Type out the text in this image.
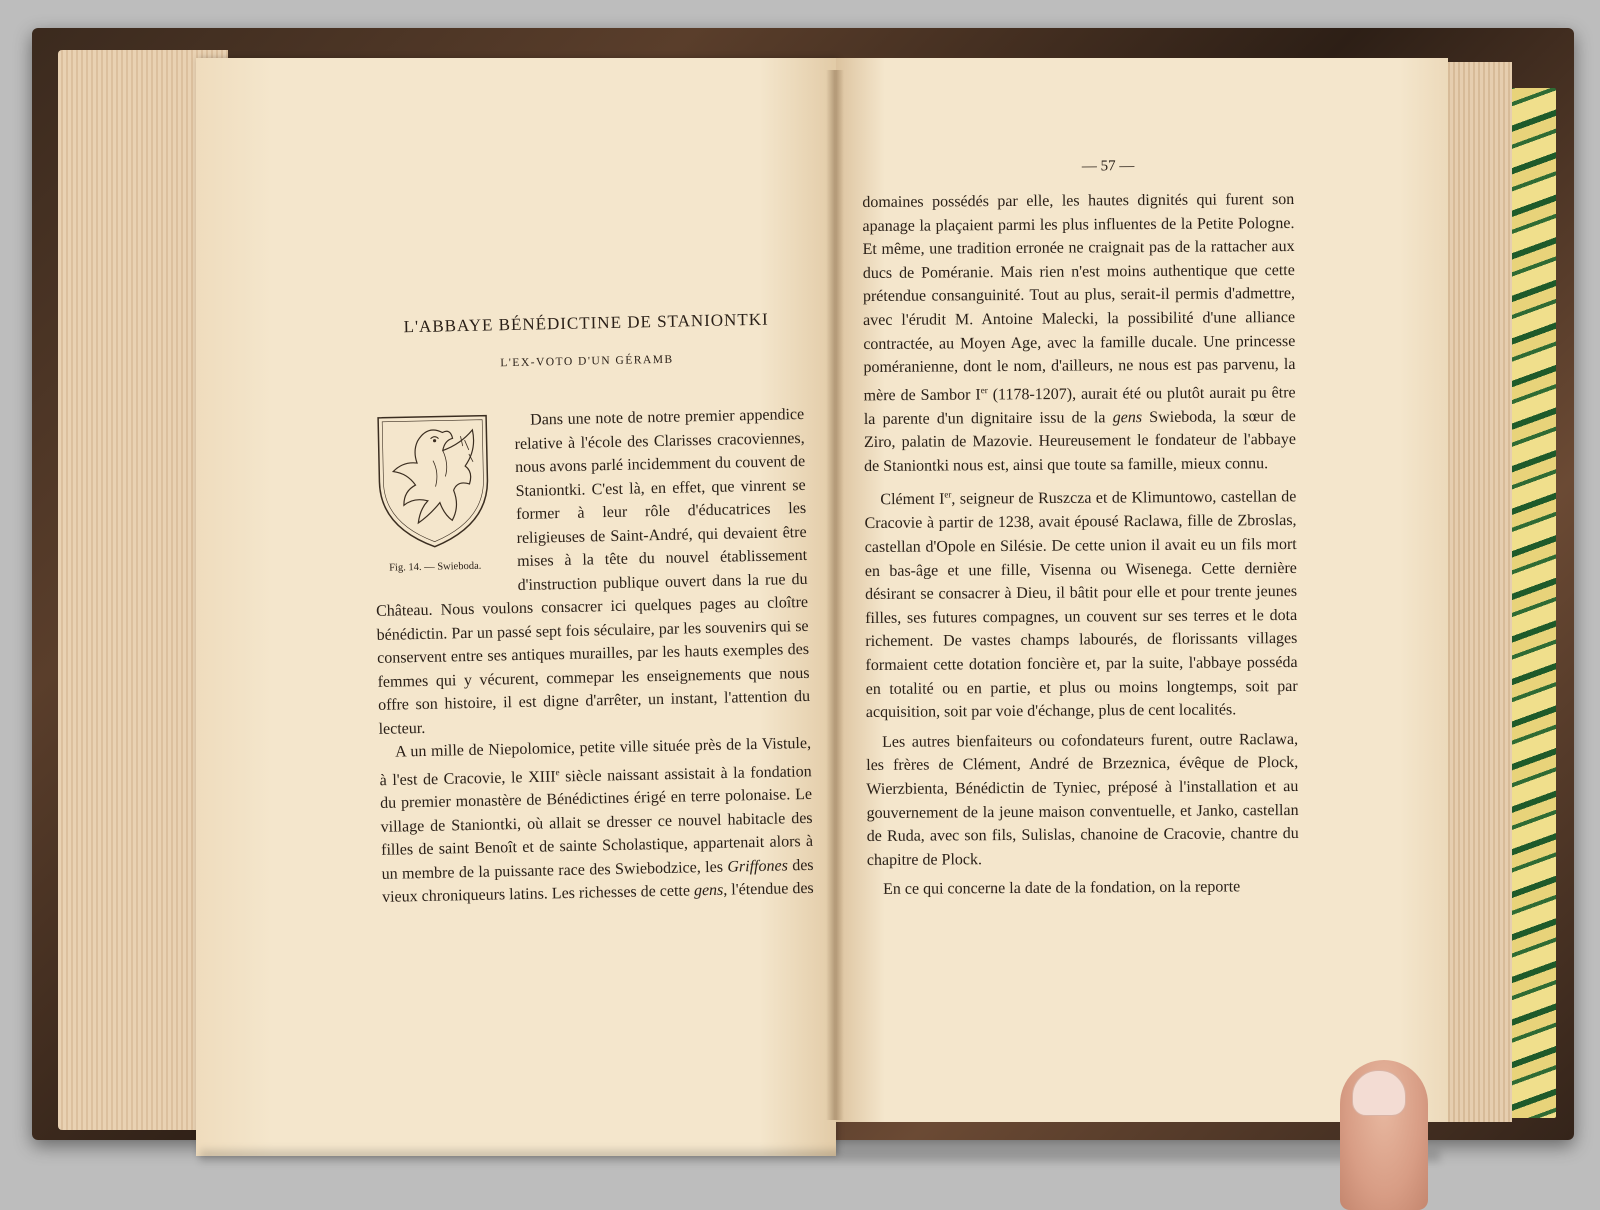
L'ABBAYE BÉNÉDICTINE DE STANIONTKI
L'EX-VOTO D'UN GÉRAMB
Fig. 14. — Swieboda.

Dans une note de notre premier appendice relative à l'école des Clarisses cracoviennes, nous avons parlé incidemment du couvent de Staniontki. C'est là, en effet, que vinrent se former à leur rôle d'éducatrices les religieuses de Saint-André, qui devaient être mises à la tête du nouvel établissement d'instruction publique ouvert dans la rue du Château. Nous voulons consacrer ici quelques pages au cloître bénédictin. Par un passé sept fois séculaire, par les souvenirs qui se conservent entre ses antiques murailles, par les hauts exemples des femmes qui y vécurent, commepar les enseignements que nous offre son histoire, il est digne d'arrêter, un instant, l'attention du lecteur.

A un mille de Niepolomice, petite ville située près de la Vistule, à l'est de Cracovie, le XIIIe siècle naissant assistait à la fondation du premier monastère de Bénédictines érigé en terre polonaise. Le village de Staniontki, où allait se dresser ce nouvel habitacle des filles de saint Benoît et de sainte Scholastique, appartenait alors à un membre de la puissante race des Swiebodzice, les Griffones des vieux chroniqueurs latins. Les richesses de cette gens, l'étendue des

— 57 —

domaines possédés par elle, les hautes dignités qui furent son apanage la plaçaient parmi les plus influentes de la Petite Pologne. Et même, une tradition erronée ne craignait pas de la rattacher aux ducs de Poméranie. Mais rien n'est moins authentique que cette prétendue consanguinité. Tout au plus, serait-il permis d'admettre, avec l'érudit M. Antoine Malecki, la possibilité d'une alliance contractée, au Moyen Age, avec la famille ducale. Une princesse poméranienne, dont le nom, d'ailleurs, ne nous est pas parvenu, la mère de Sambor Ier (1178-1207), aurait été ou plutôt aurait pu être la parente d'un dignitaire issu de la gens Swieboda, la sœur de Ziro, palatin de Mazovie. Heureusement le fondateur de l'abbaye de Staniontki nous est, ainsi que toute sa famille, mieux connu.

Clément Ier, seigneur de Ruszcza et de Klimuntowo, castellan de Cracovie à partir de 1238, avait épousé Raclawa, fille de Zbroslas, castellan d'Opole en Silésie. De cette union il avait eu un fils mort en bas-âge et une fille, Visenna ou Wisenega. Cette dernière désirant se consacrer à Dieu, il bâtit pour elle et pour trente jeunes filles, ses futures compagnes, un couvent sur ses terres et le dota richement. De vastes champs labourés, de florissants villages formaient cette dotation foncière et, par la suite, l'abbaye posséda en totalité ou en partie, et plus ou moins longtemps, soit par acquisition, soit par voie d'échange, plus de cent localités.

Les autres bienfaiteurs ou cofondateurs furent, outre Raclawa, les frères de Clément, André de Brzeznica, évêque de Plock, Wierzbienta, Bénédictin de Tyniec, préposé à l'installation et au gouvernement de la jeune maison conventuelle, et Janko, castellan de Ruda, avec son fils, Sulislas, chanoine de Cracovie, chantre du chapitre de Plock.

En ce qui concerne la date de la fondation, on la reporte
